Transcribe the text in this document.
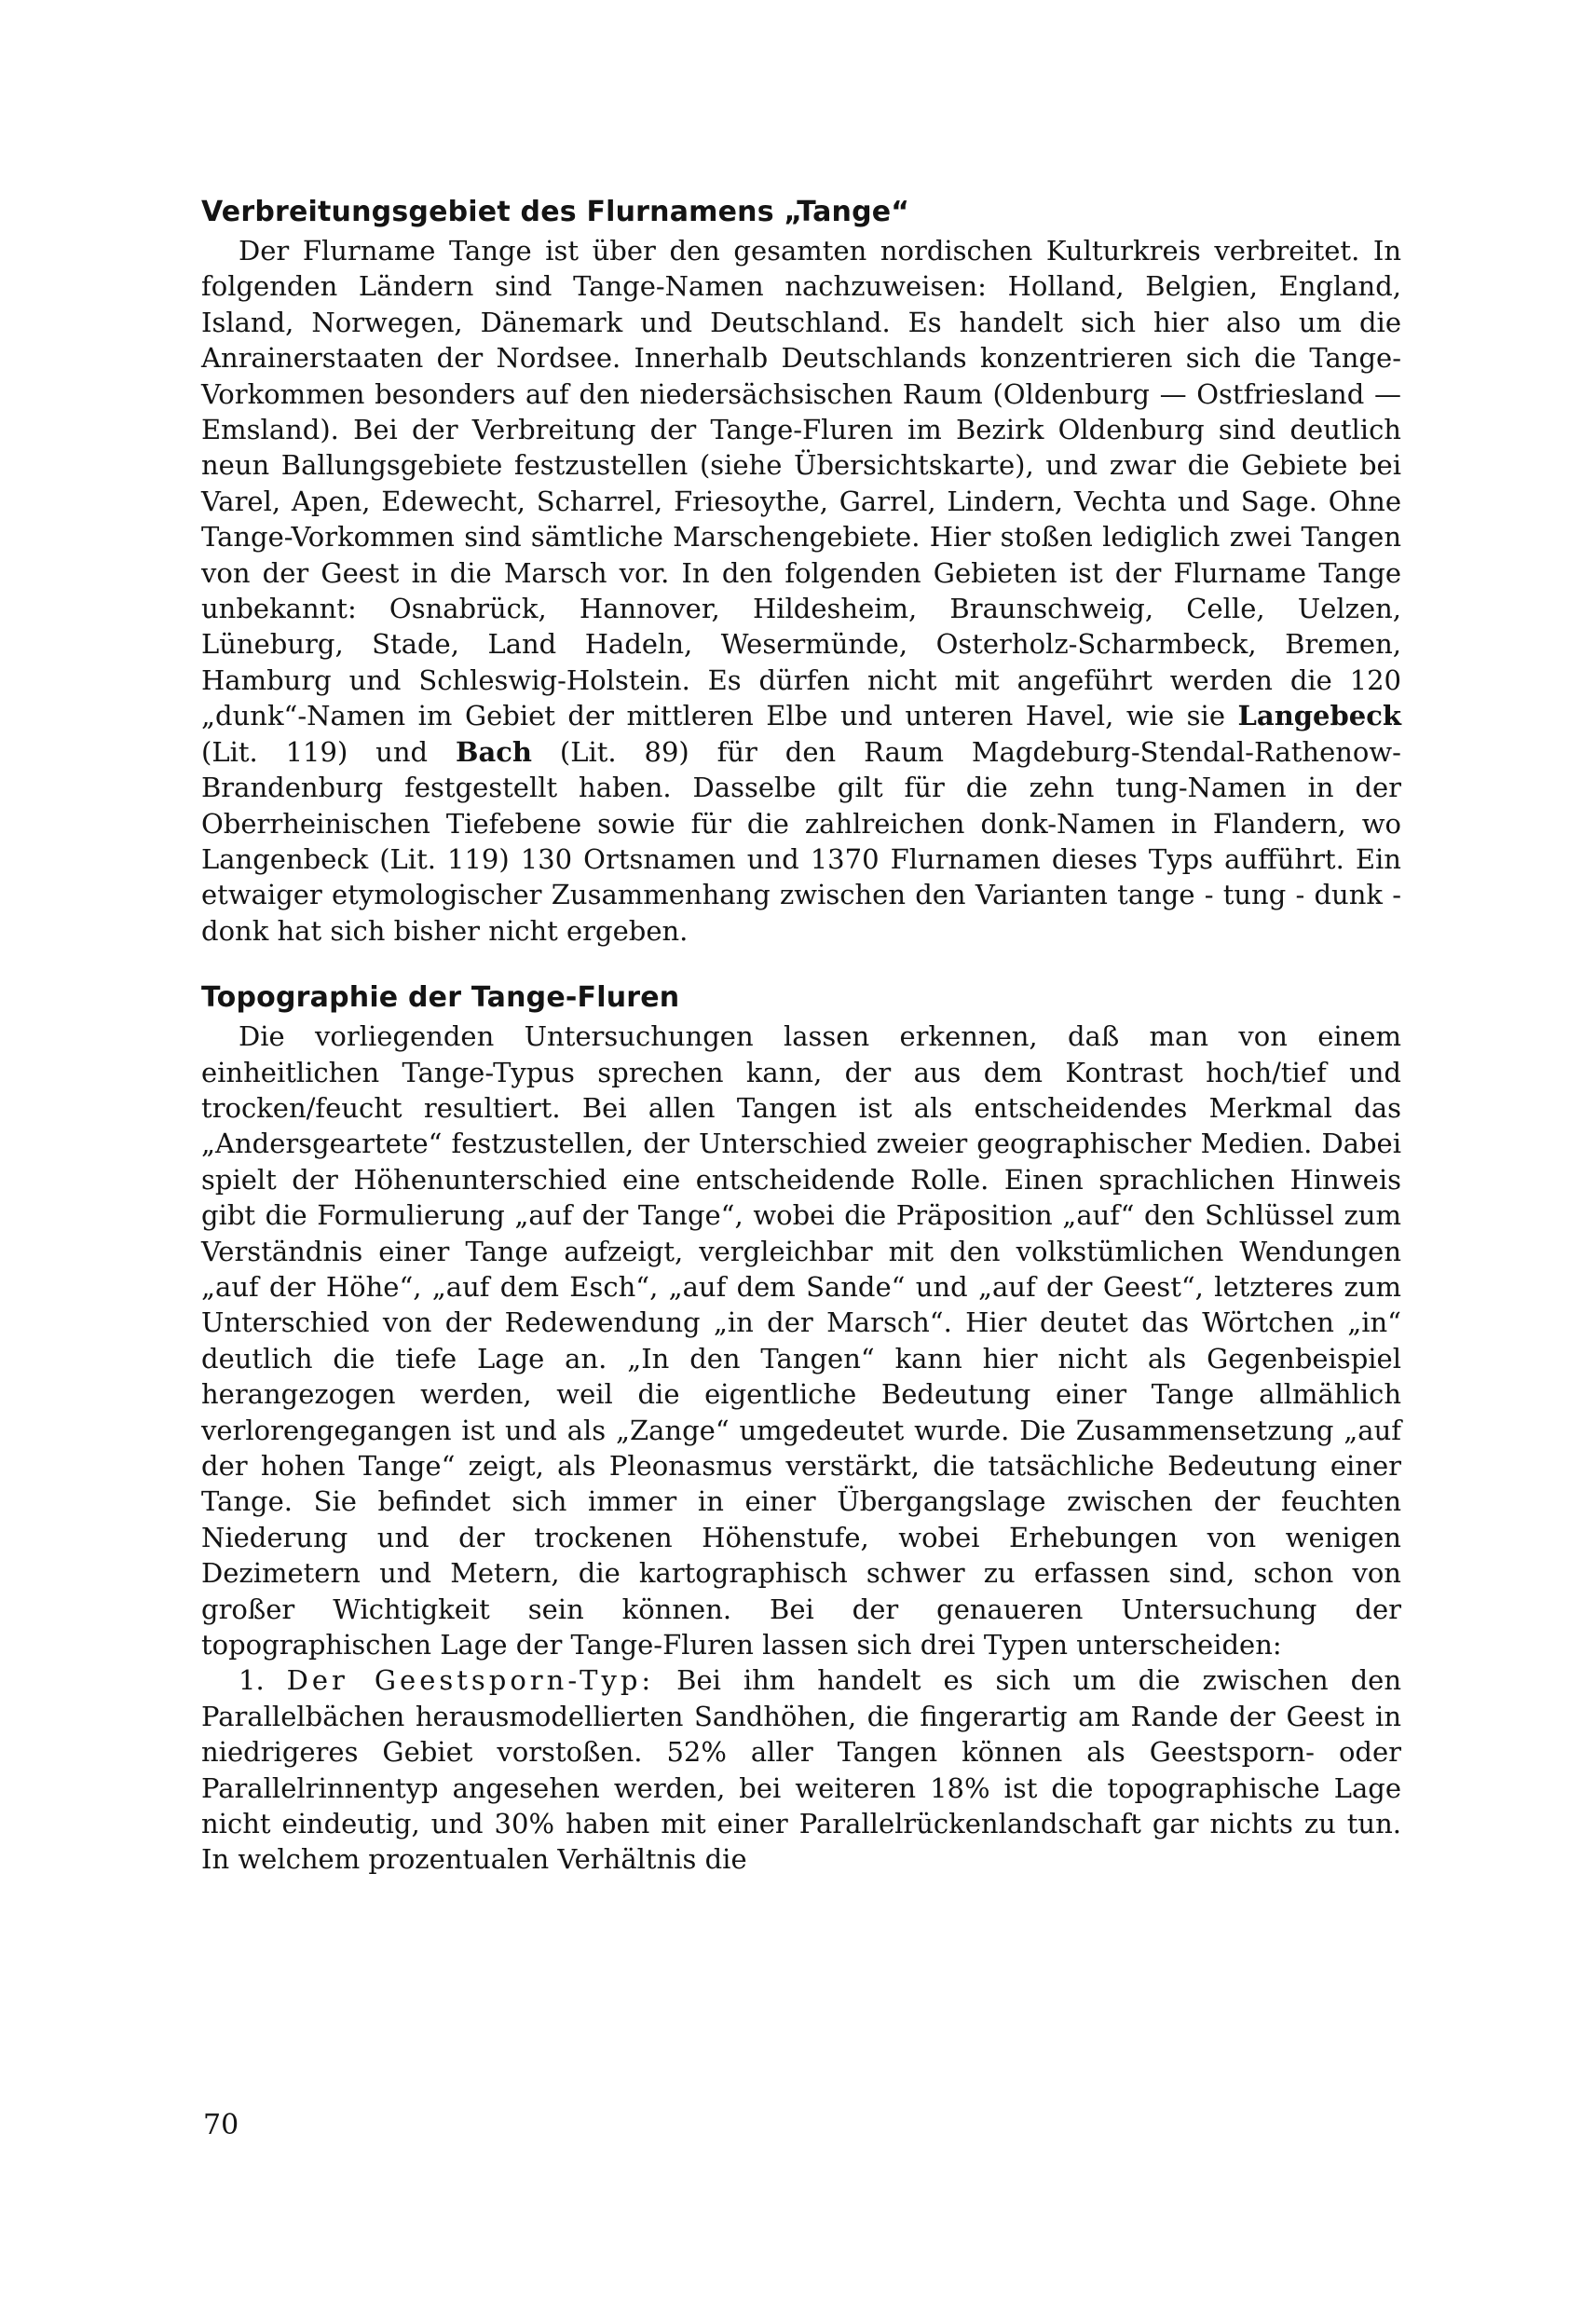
Verbreitungsgebiet des Flurnamens „Tange“

Der Flurname Tange ist über den gesamten nordischen Kulturkreis verbreitet. In folgenden Ländern sind Tange-Namen nachzuweisen: Holland, Belgien, England, Island, Norwegen, Dänemark und Deutschland. Es handelt sich hier also um die Anrainerstaaten der Nordsee. Innerhalb Deutschlands konzentrieren sich die Tange-Vorkommen besonders auf den niedersächsischen Raum (Oldenburg — Ostfriesland — Emsland). Bei der Verbreitung der Tange-Fluren im Bezirk Oldenburg sind deutlich neun Ballungsgebiete festzustellen (siehe Übersichtskarte), und zwar die Gebiete bei Varel, Apen, Edewecht, Scharrel, Friesoythe, Garrel, Lindern, Vechta und Sage. Ohne Tange-Vorkommen sind sämtliche Marschengebiete. Hier stoßen lediglich zwei Tangen von der Geest in die Marsch vor. In den folgenden Gebieten ist der Flurname Tange unbekannt: Osnabrück, Hannover, Hildesheim, Braunschweig, Celle, Uelzen, Lüneburg, Stade, Land Hadeln, Wesermünde, Osterholz-Scharmbeck, Bremen, Hamburg und Schleswig-Holstein. Es dürfen nicht mit angeführt werden die 120 „dunk“-Namen im Gebiet der mittleren Elbe und unteren Havel, wie sie Langebeck (Lit. 119) und Bach (Lit. 89) für den Raum Magdeburg-Stendal-Rathenow-Brandenburg festgestellt haben. Dasselbe gilt für die zehn tung-Namen in der Oberrheinischen Tiefebene sowie für die zahlreichen donk-Namen in Flandern, wo Langenbeck (Lit. 119) 130 Ortsnamen und 1370 Flurnamen dieses Typs aufführt. Ein etwaiger etymologischer Zusammenhang zwischen den Varianten tange - tung - dunk - donk hat sich bisher nicht ergeben.

Topographie der Tange-Fluren

Die vorliegenden Untersuchungen lassen erkennen, daß man von einem einheitlichen Tange-Typus sprechen kann, der aus dem Kontrast hoch/tief und trocken/feucht resultiert. Bei allen Tangen ist als entscheidendes Merkmal das „Andersgeartete“ festzustellen, der Unterschied zweier geographischer Medien. Dabei spielt der Höhenunterschied eine entscheidende Rolle. Einen sprachlichen Hinweis gibt die Formulierung „auf der Tange“, wobei die Präposition „auf“ den Schlüssel zum Verständnis einer Tange aufzeigt, vergleichbar mit den volkstümlichen Wendungen „auf der Höhe“, „auf dem Esch“, „auf dem Sande“ und „auf der Geest“, letzteres zum Unterschied von der Redewendung „in der Marsch“. Hier deutet das Wörtchen „in“ deutlich die tiefe Lage an. „In den Tangen“ kann hier nicht als Gegenbeispiel herangezogen werden, weil die eigentliche Bedeutung einer Tange allmählich verlorengegangen ist und als „Zange“ umgedeutet wurde. Die Zusammensetzung „auf der hohen Tange“ zeigt, als Pleonasmus verstärkt, die tatsächliche Bedeutung einer Tange. Sie befindet sich immer in einer Übergangslage zwischen der feuchten Niederung und der trockenen Höhenstufe, wobei Erhebungen von wenigen Dezimetern und Metern, die kartographisch schwer zu erfassen sind, schon von großer Wichtigkeit sein können. Bei der genaueren Untersuchung der topographischen Lage der Tange-Fluren lassen sich drei Typen unterscheiden:

1. Der Geestsporn-Typ: Bei ihm handelt es sich um die zwischen den Parallelbächen herausmodellierten Sandhöhen, die fingerartig am Rande der Geest in niedrigeres Gebiet vorstoßen. 52% aller Tangen können als Geestsporn- oder Parallelrinnentyp angesehen werden, bei weiteren 18% ist die topographische Lage nicht eindeutig, und 30% haben mit einer Parallelrückenlandschaft gar nichts zu tun. In welchem prozentualen Verhältnis die

70
